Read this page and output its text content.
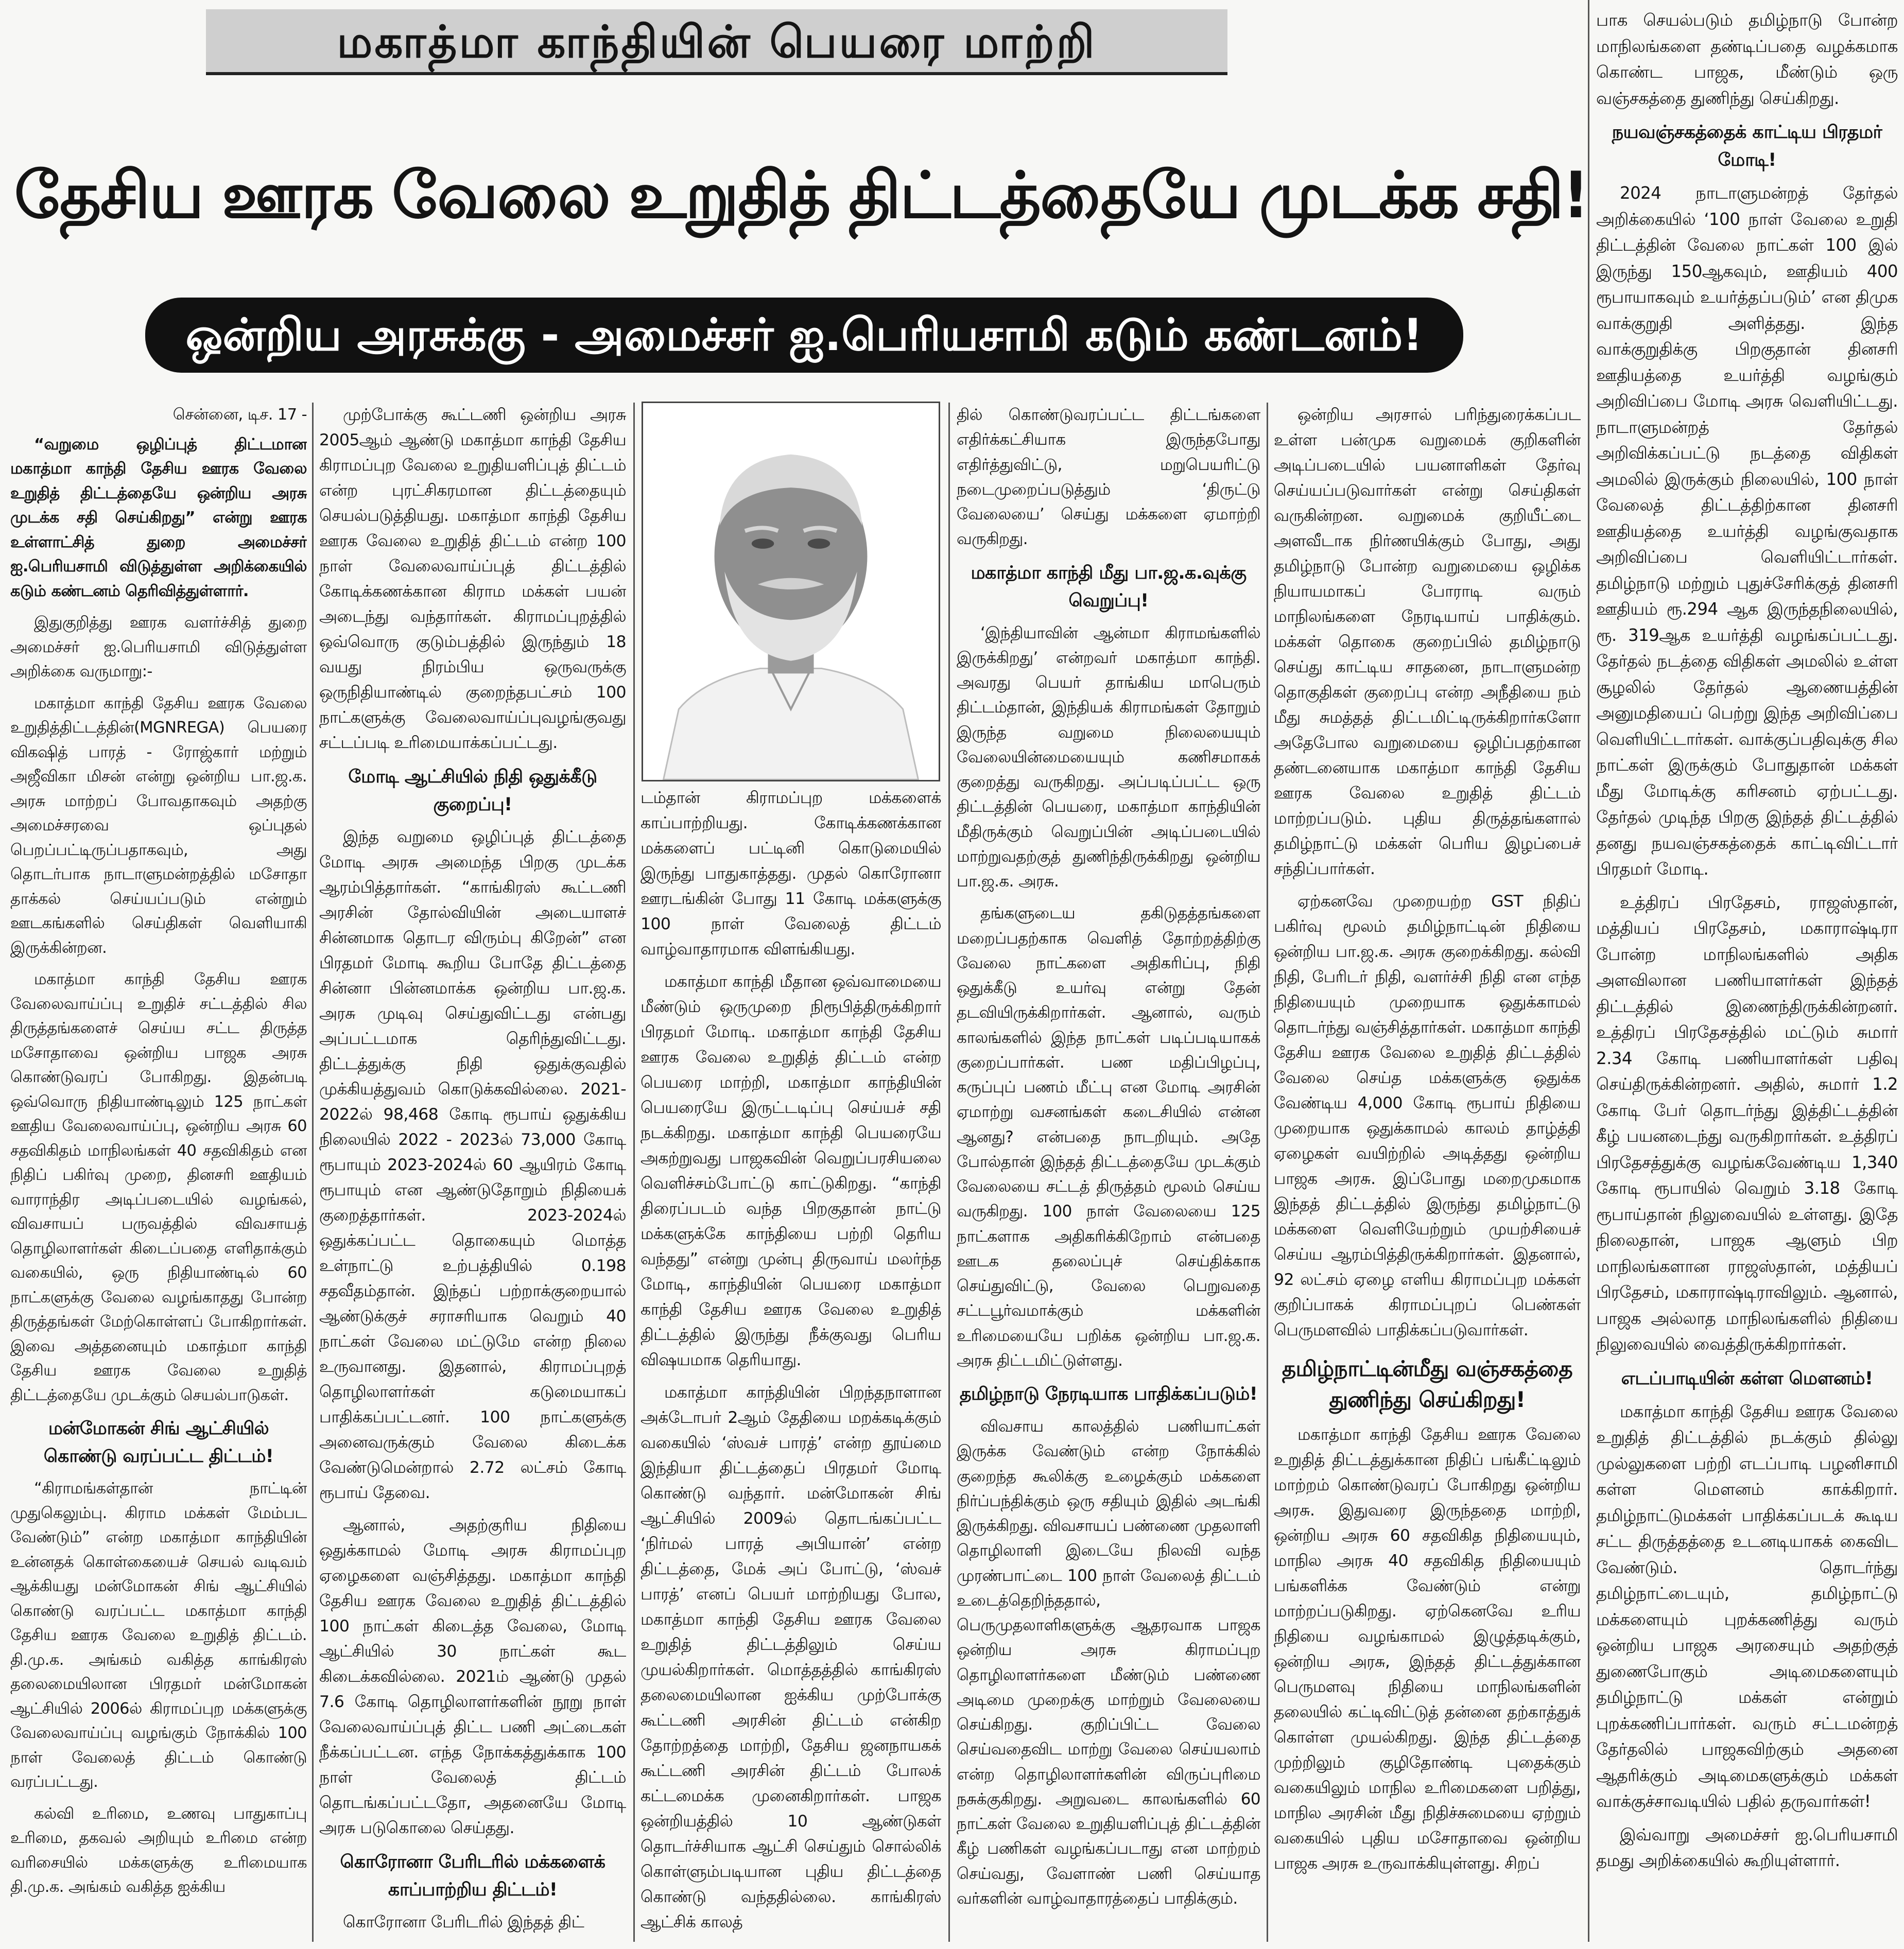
மகாத்மா காந்தியின் பெயரை மாற்றி
தேசிய ஊரக வேலை உறுதித் திட்டத்தையே முடக்க சதி!
ஒன்றிய அரசுக்கு - அமைச்சர் ஐ.பெரியசாமி கடும் கண்டனம்!

சென்னை, டிச. 17 -

“வறுமை ஒழிப்புத் திட்டமான மகாத்மா காந்தி தேசிய ஊரக வேலை உறுதித் திட்டத்தையே ஒன்றிய அரசு முடக்க சதி செய்கிறது” என்று ஊரக உள்ளாட்சித் துறை அமைச்சர் ஐ.பெரியசாமி விடுத்துள்ள அறிக்கையில் கடும் கண்டனம் தெரிவித்துள்ளார்.

இதுகுறித்து ஊரக வளர்ச்சித் துறை அமைச்சர் ஐ.பெரியசாமி விடுத்துள்ள அறிக்கை வருமாறு:-

மகாத்மா காந்தி தேசிய ஊரக வேலை உறுதித்திட்டத்தின்(MGNREGA) பெயரை விகஷித் பாரத் - ரோஜ்கார் மற்றும் அஜீவிகா மிசன் என்று ஒன்றிய பா.ஜ.க. அரசு மாற்றப் போவதாகவும் அதற்கு அமைச்சரவை ஒப்புதல் பெறப்பட்டிருப்பதாகவும், அது தொடர்பாக நாடாளுமன்றத்தில் மசோதா தாக்கல் செய்யப்படும் என்றும் ஊடகங்களில் செய்திகள் வெளியாகி இருக்கின்றன.

மகாத்மா காந்தி தேசிய ஊரக வேலைவாய்ப்பு உறுதிச் சட்டத்தில் சில திருத்தங்களைச் செய்ய சட்ட திருத்த மசோதாவை ஒன்றிய பாஜக அரசு கொண்டுவரப் போகிறது. இதன்படி ஒவ்வொரு நிதியாண்டிலும் 125 நாட்கள் ஊதிய வேலைவாய்ப்பு, ஒன்றிய அரசு 60 சதவிகிதம் மாநிலங்கள் 40 சதவிகிதம் என நிதிப் பகிர்வு முறை, தினசரி ஊதியம் வாராந்திர அடிப்படையில் வழங்கல், விவசாயப் பருவத்தில் விவசாயத் தொழிலாளர்கள் கிடைப்பதை எளிதாக்கும் வகையில், ஒரு நிதியாண்டில் 60 நாட்களுக்கு வேலை வழங்காதது போன்ற திருத்தங்கள் மேற்கொள்ளப் போகிறார்கள். இவை அத்தனையும் மகாத்மா காந்தி தேசிய ஊரக வேலை உறுதித் திட்டத்தையே முடக்கும் செயல்பாடுகள்.

மன்மோகன் சிங் ஆட்சியில் கொண்டு வரப்பட்ட திட்டம்!

“கிராமங்கள்தான் நாட்டின் முதுகெலும்பு. கிராம மக்கள் மேம்பட வேண்டும்” என்ற மகாத்மா காந்தியின் உன்னதக் கொள்கையைச் செயல் வடிவம் ஆக்கியது மன்மோகன் சிங் ஆட்சியில் கொண்டு வரப்பட்ட மகாத்மா காந்தி தேசிய ஊரக வேலை உறுதித் திட்டம். தி.மு.க. அங்கம் வகித்த காங்கிரஸ் தலைமையிலான பிரதமர் மன்மோகன் ஆட்சியில் 2006ல் கிராமப்புற மக்களுக்கு வேலைவாய்ப்பு வழங்கும் நோக்கில் 100 நாள் வேலைத் திட்டம் கொண்டு வரப்பட்டது.

கல்வி உரிமை, உணவு பாதுகாப்பு உரிமை, தகவல் அறியும் உரிமை என்ற வரிசையில் மக்களுக்கு உரிமையாக தி.மு.க. அங்கம் வகித்த ஐக்கிய

முற்போக்கு கூட்டணி ஒன்றிய அரசு 2005ஆம் ஆண்டு மகாத்மா காந்தி தேசிய கிராமப்புற வேலை உறுதியளிப்புத் திட்டம் என்ற புரட்சிகரமான திட்டத்தையும் செயல்படுத்தியது. மகாத்மா காந்தி தேசிய ஊரக வேலை உறுதித் திட்டம் என்ற 100 நாள் வேலைவாய்ப்புத் திட்டத்தில் கோடிக்கணக்கான கிராம மக்கள் பயன் அடைந்து வந்தார்கள். கிராமப்புறத்தில் ஒவ்வொரு குடும்பத்தில் இருந்தும் 18 வயது நிரம்பிய ஒருவருக்கு ஒருநிதியாண்டில் குறைந்தபட்சம் 100 நாட்களுக்கு வேலைவாய்ப்புவழங்குவது சட்டப்படி உரிமையாக்கப்பட்டது.

மோடி ஆட்சியில் நிதி ஒதுக்கீடு குறைப்பு!

இந்த வறுமை ஒழிப்புத் திட்டத்தை மோடி அரசு அமைந்த பிறகு முடக்க ஆரம்பித்தார்கள். “காங்கிரஸ் கூட்டணி அரசின் தோல்வியின் அடையாளச் சின்னமாக தொடர விரும்பு கிறேன்” என பிரதமர் மோடி கூறிய போதே திட்டத்தை சின்னா பின்னமாக்க ஒன்றிய பா.ஜ.க. அரசு முடிவு செய்துவிட்டது என்பது அப்பட்டமாக தெரிந்துவிட்டது. திட்டத்துக்கு நிதி ஒதுக்குவதில் முக்கியத்துவம் கொடுக்கவில்லை. 2021-2022ல் 98,468 கோடி ரூபாய் ஒதுக்கிய நிலையில் 2022 - 2023ல் 73,000 கோடி ரூபாயும் 2023-2024ல் 60 ஆயிரம் கோடி ரூபாயும் என ஆண்டுதோறும் நிதியைக் குறைத்தார்கள். 2023-2024ல் ஒதுக்கப்பட்ட தொகையும் மொத்த உள்நாட்டு உற்பத்தியில் 0.198 சதவீதம்தான். இந்தப் பற்றாக்குறையால் ஆண்டுக்குச் சராசரியாக வெறும் 40 நாட்கள் வேலை மட்டுமே என்ற நிலை உருவானது. இதனால், கிராமப்புறத் தொழிலாளர்கள் கடுமையாகப் பாதிக்கப்பட்டனர். 100 நாட்களுக்கு அனைவருக்கும் வேலை கிடைக்க வேண்டுமென்றால் 2.72 லட்சம் கோடி ரூபாய் தேவை.

ஆனால், அதற்குரிய நிதியை ஒதுக்காமல் மோடி அரசு கிராமப்புற ஏழைகளை வஞ்சித்தது. மகாத்மா காந்தி தேசிய ஊரக வேலை உறுதித் திட்டத்தில் 100 நாட்கள் கிடைத்த வேலை, மோடி ஆட்சியில் 30 நாட்கள் கூட கிடைக்கவில்லை. 2021ம் ஆண்டு முதல் 7.6 கோடி தொழிலாளர்களின் நூறு நாள் வேலைவாய்ப்புத் திட்ட பணி அட்டைகள் நீக்கப்பட்டன. எந்த நோக்கத்துக்காக 100 நாள் வேலைத் திட்டம் தொடங்கப்பட்டதோ, அதனையே மோடி அரசு படுகொலை செய்தது.

கொரோனா பேரிடரில் மக்களைக் காப்பாற்றிய திட்டம்!

கொரோனா பேரிடரில் இந்தத் திட்

டம்தான் கிராமப்புற மக்களைக் காப்பாற்றியது. கோடிக்கணக்கான மக்களைப் பட்டினி கொடுமையில் இருந்து பாதுகாத்தது. முதல் கொரோனா ஊரடங்கின் போது 11 கோடி மக்களுக்கு 100 நாள் வேலைத் திட்டம் வாழ்வாதாரமாக விளங்கியது.

மகாத்மா காந்தி மீதான ஒவ்வாமையை மீண்டும் ஒருமுறை நிரூபித்திருக்கிறார் பிரதமர் மோடி. மகாத்மா காந்தி தேசிய ஊரக வேலை உறுதித் திட்டம் என்ற பெயரை மாற்றி, மகாத்மா காந்தியின் பெயரையே இருட்டடிப்பு செய்யச் சதி நடக்கிறது. மகாத்மா காந்தி பெயரையே அகற்றுவது பாஜகவின் வெறுப்பரசியலை வெளிச்சம்போட்டு காட்டுகிறது. “காந்தி திரைப்படம் வந்த பிறகுதான் நாட்டு மக்களுக்கே காந்தியை பற்றி தெரிய வந்தது” என்று முன்பு திருவாய் மலர்ந்த மோடி, காந்தியின் பெயரை மகாத்மா காந்தி தேசிய ஊரக வேலை உறுதித் திட்டத்தில் இருந்து நீக்குவது பெரிய விஷயமாக தெரியாது.

மகாத்மா காந்தியின் பிறந்தநாளான அக்டோபர் 2ஆம் தேதியை மறக்கடிக்கும் வகையில் ‘ஸ்வச் பாரத்’ என்ற தூய்மை இந்தியா திட்டத்தைப் பிரதமர் மோடி கொண்டு வந்தார். மன்மோகன் சிங் ஆட்சியில் 2009ல் தொடங்கப்பட்ட ‘நிர்மல் பாரத் அபியான்’ என்ற திட்டத்தை, மேக் அப் போட்டு, ‘ஸ்வச் பாரத்’ எனப் பெயர் மாற்றியது போல, மகாத்மா காந்தி தேசிய ஊரக வேலை உறுதித் திட்டத்திலும் செய்ய முயல்கிறார்கள். மொத்தத்தில் காங்கிரஸ் தலைமையிலான ஐக்கிய முற்போக்கு கூட்டணி அரசின் திட்டம் என்கிற தோற்றத்தை மாற்றி, தேசிய ஜனநாயகக் கூட்டணி அரசின் திட்டம் போலக் கட்டமைக்க முனைகிறார்கள். பாஜக ஒன்றியத்தில் 10 ஆண்டுகள் தொடர்ச்சியாக ஆட்சி செய்தும் சொல்லிக் கொள்ளும்படியான புதிய திட்டத்தை கொண்டு வந்ததில்லை. காங்கிரஸ் ஆட்சிக் காலத்

தில் கொண்டுவரப்பட்ட திட்டங்களை எதிர்க்கட்சியாக இருந்தபோது எதிர்த்துவிட்டு, மறுபெயரிட்டு நடைமுறைப்படுத்தும் ‘திருட்டு வேலையை’ செய்து மக்களை ஏமாற்றி வருகிறது.

மகாத்மா காந்தி மீது பா.ஜ.க.வுக்கு வெறுப்பு!

‘இந்தியாவின் ஆன்மா கிராமங்களில் இருக்கிறது’ என்றவர் மகாத்மா காந்தி. அவரது பெயர் தாங்கிய மாபெரும் திட்டம்தான், இந்தியக் கிராமங்கள் தோறும் இருந்த வறுமை நிலையையும் வேலையின்மையையும் கணிசமாகக் குறைத்து வருகிறது. அப்படிப்பட்ட ஒரு திட்டத்தின் பெயரை, மகாத்மா காந்தியின் மீதிருக்கும் வெறுப்பின் அடிப்படையில் மாற்றுவதற்குத் துணிந்திருக்கிறது ஒன்றிய பா.ஜ.க. அரசு.

தங்களுடைய தகிடுதத்தங்களை மறைப்பதற்காக வெளித் தோற்றத்திற்கு வேலை நாட்களை அதிகரிப்பு, நிதி ஒதுக்கீடு உயர்வு என்று தேன் தடவியிருக்கிறார்கள். ஆனால், வரும் காலங்களில் இந்த நாட்கள் படிப்படியாகக் குறைப்பார்கள். பண மதிப்பிழப்பு, கருப்புப் பணம் மீட்பு என மோடி அரசின் ஏமாற்று வசனங்கள் கடைசியில் என்ன ஆனது? என்பதை நாடறியும். அதே போல்தான் இந்தத் திட்டத்தையே முடக்கும் வேலையை சட்டத் திருத்தம் மூலம் செய்ய வருகிறது. 100 நாள் வேலையை 125 நாட்களாக அதிகரிக்கிறோம் என்பதை ஊடக தலைப்புச் செய்திக்காக செய்துவிட்டு, வேலை பெறுவதை சட்டபூர்வமாக்கும் மக்களின் உரிமையையே பறிக்க ஒன்றிய பா.ஜ.க. அரசு திட்டமிட்டுள்ளது.

தமிழ்நாடு நேரடியாக பாதிக்கப்படும்!

விவசாய காலத்தில் பணியாட்கள் இருக்க வேண்டும் என்ற நோக்கில் குறைந்த கூலிக்கு உழைக்கும் மக்களை நிர்ப்பந்திக்கும் ஒரு சதியும் இதில் அடங்கி இருக்கிறது. விவசாயப் பண்ணை முதலாளி தொழிலாளி இடையே நிலவி வந்த முரண்பாட்டை 100 நாள் வேலைத் திட்டம் உடைத்தெறிந்ததால், பெருமுதலாளிகளுக்கு ஆதரவாக பாஜக ஒன்றிய அரசு கிராமப்புற தொழிலாளர்களை மீண்டும் பண்ணை அடிமை முறைக்கு மாற்றும் வேலையை செய்கிறது. குறிப்பிட்ட வேலை செய்வதைவிட மாற்று வேலை செய்யலாம் என்ற தொழிலாளர்களின் விருப்புரிமை நசுக்குகிறது. அறுவடை காலங்களில் 60 நாட்கள் வேலை உறுதியளிப்புத் திட்டத்தின் கீழ் பணிகள் வழங்கப்படாது என மாற்றம் செய்வது, வேளாண் பணி செய்யாத வர்களின் வாழ்வாதாரத்தைப் பாதிக்கும்.

ஒன்றிய அரசால் பரிந்துரைக்கப்பட உள்ள பன்முக வறுமைக் குறிகளின் அடிப்படையில் பயனாளிகள் தேர்வு செய்யப்படுவார்கள் என்று செய்திகள் வருகின்றன. வறுமைக் குறியீட்டை அளவீடாக நிர்ணயிக்கும் போது, அது தமிழ்நாடு போன்ற வறுமையை ஒழிக்க நியாயமாகப் போராடி வரும் மாநிலங்களை நேரடியாய் பாதிக்கும். மக்கள் தொகை குறைப்பில் தமிழ்நாடு செய்து காட்டிய சாதனை, நாடாளுமன்ற தொகுதிகள் குறைப்பு என்ற அநீதியை நம் மீது சுமத்தத் திட்டமிட்டிருக்கிறார்களோ அதேபோல வறுமையை ஒழிப்பதற்கான தண்டனையாக மகாத்மா காந்தி தேசிய ஊரக வேலை உறுதித் திட்டம் மாற்றப்படும். புதிய திருத்தங்களால் தமிழ்நாட்டு மக்கள் பெரிய இழப்பைச் சந்திப்பார்கள்.

ஏற்கனவே முறையற்ற GST நிதிப் பகிர்வு மூலம் தமிழ்நாட்டின் நிதியை ஒன்றிய பா.ஜ.க. அரசு குறைக்கிறது. கல்வி நிதி, பேரிடர் நிதி, வளர்ச்சி நிதி என எந்த நிதியையும் முறையாக ஒதுக்காமல் தொடர்ந்து வஞ்சித்தார்கள். மகாத்மா காந்தி தேசிய ஊரக வேலை உறுதித் திட்டத்தில் வேலை செய்த மக்களுக்கு ஒதுக்க வேண்டிய 4,000 கோடி ரூபாய் நிதியை முறையாக ஒதுக்காமல் காலம் தாழ்த்தி ஏழைகள் வயிற்றில் அடித்தது ஒன்றிய பாஜக அரசு. இப்போது மறைமுகமாக இந்தத் திட்டத்தில் இருந்து தமிழ்நாட்டு மக்களை வெளியேற்றும் முயற்சியைச் செய்ய ஆரம்பித்திருக்கிறார்கள். இதனால், 92 லட்சம் ஏழை எளிய கிராமப்புற மக்கள் குறிப்பாகக் கிராமப்புறப் பெண்கள் பெருமளவில் பாதிக்கப்படுவார்கள்.

தமிழ்நாட்டின்மீது வஞ்சகத்தை துணிந்து செய்கிறது!

மகாத்மா காந்தி தேசிய ஊரக வேலை உறுதித் திட்டத்துக்கான நிதிப் பங்கீட்டிலும் மாற்றம் கொண்டுவரப் போகிறது ஒன்றிய அரசு. இதுவரை இருந்ததை மாற்றி, ஒன்றிய அரசு 60 சதவிகித நிதியையும், மாநில அரசு 40 சதவிகித நிதியையும் பங்களிக்க வேண்டும் என்று மாற்றப்படுகிறது. ஏற்கெனவே உரிய நிதியை வழங்காமல் இழுத்தடிக்கும், ஒன்றிய அரசு, இந்தத் திட்டத்துக்கான பெருமளவு நிதியை மாநிலங்களின் தலையில் கட்டிவிட்டுத் தன்னை தற்காத்துக் கொள்ள முயல்கிறது. இந்த திட்டத்தை முற்றிலும் குழிதோண்டி புதைக்கும் வகையிலும் மாநில உரிமைகளை பறித்து, மாநில அரசின் மீது நிதிச்சுமையை ஏற்றும் வகையில் புதிய மசோதாவை ஒன்றிய பாஜக அரசு உருவாக்கியுள்ளது. சிறப்

பாக செயல்படும் தமிழ்நாடு போன்ற மாநிலங்களை தண்டிப்பதை வழக்கமாக கொண்ட பாஜக, மீண்டும் ஒரு வஞ்சகத்தை துணிந்து செய்கிறது.

நயவஞ்சகத்தைக் காட்டிய பிரதமர் மோடி!

2024 நாடாளுமன்றத் தேர்தல் அறிக்கையில் ‘100 நாள் வேலை உறுதி திட்டத்தின் வேலை நாட்கள் 100 இல் இருந்து 150ஆகவும், ஊதியம் 400 ரூபாயாகவும் உயர்த்தப்படும்’ என திமுக வாக்குறுதி அளித்தது. இந்த வாக்குறுதிக்கு பிறகுதான் தினசரி ஊதியத்தை உயர்த்தி வழங்கும் அறிவிப்பை மோடி அரசு வெளியிட்டது. நாடாளுமன்றத் தேர்தல் அறிவிக்கப்பட்டு நடத்தை விதிகள் அமலில் இருக்கும் நிலையில், 100 நாள் வேலைத் திட்டத்திற்கான தினசரி ஊதியத்தை உயர்த்தி வழங்குவதாக அறிவிப்பை வெளியிட்டார்கள். தமிழ்நாடு மற்றும் புதுச்சேரிக்குத் தினசரி ஊதியம் ரூ.294 ஆக இருந்தநிலையில், ரூ. 319ஆக உயர்த்தி வழங்கப்பட்டது. தேர்தல் நடத்தை விதிகள் அமலில் உள்ள சூழலில் தேர்தல் ஆணையத்தின் அனுமதியைப் பெற்று இந்த அறிவிப்பை வெளியிட்டார்கள். வாக்குப்பதிவுக்கு சில நாட்கள் இருக்கும் போதுதான் மக்கள் மீது மோடிக்கு கரிசனம் ஏற்பட்டது. தேர்தல் முடிந்த பிறகு இந்தத் திட்டத்தில் தனது நயவஞ்சகத்தைக் காட்டிவிட்டார் பிரதமர் மோடி.

உத்திரப் பிரதேசம், ராஜஸ்தான், மத்தியப் பிரதேசம், மகாராஷ்டிரா போன்ற மாநிலங்களில் அதிக அளவிலான பணியாளர்கள் இந்தத் திட்டத்தில் இணைந்திருக்கின்றனர். உத்திரப் பிரதேசத்தில் மட்டும் சுமார் 2.34 கோடி பணியாளர்கள் பதிவு செய்திருக்கின்றனர். அதில், சுமார் 1.2 கோடி பேர் தொடர்ந்து இத்திட்டத்தின் கீழ் பயனடைந்து வருகிறார்கள். உத்திரப் பிரதேசத்துக்கு வழங்கவேண்டிய 1,340 கோடி ரூபாயில் வெறும் 3.18 கோடி ரூபாய்தான் நிலுவையில் உள்ளது. இதே நிலைதான், பாஜக ஆளும் பிற மாநிலங்களான ராஜஸ்தான், மத்தியப் பிரதேசம், மகாராஷ்டிராவிலும். ஆனால், பாஜக அல்லாத மாநிலங்களில் நிதியை நிலுவையில் வைத்திருக்கிறார்கள்.

எடப்பாடியின் கள்ள மௌனம்!

மகாத்மா காந்தி தேசிய ஊரக வேலை உறுதித் திட்டத்தில் நடக்கும் தில்லு முல்லுகளை பற்றி எடப்பாடி பழனிசாமி கள்ள மௌனம் காக்கிறார். தமிழ்நாட்டுமக்கள் பாதிக்கப்படக் கூடிய சட்ட திருத்தத்தை உடனடியாகக் கைவிட வேண்டும். தொடர்ந்து தமிழ்நாட்டையும், தமிழ்நாட்டு மக்களையும் புறக்கணித்து வரும் ஒன்றிய பாஜக அரசையும் அதற்குத் துணைபோகும் அடிமைகளையும் தமிழ்நாட்டு மக்கள் என்றும் புறக்கணிப்பார்கள். வரும் சட்டமன்றத் தேர்தலில் பாஜகவிற்கும் அதனை ஆதரிக்கும் அடிமைகளுக்கும் மக்கள் வாக்குச்சாவடியில் பதில் தருவார்கள்!

இவ்வாறு அமைச்சர் ஐ.பெரியசாமி தமது அறிக்கையில் கூறியுள்ளார்.
